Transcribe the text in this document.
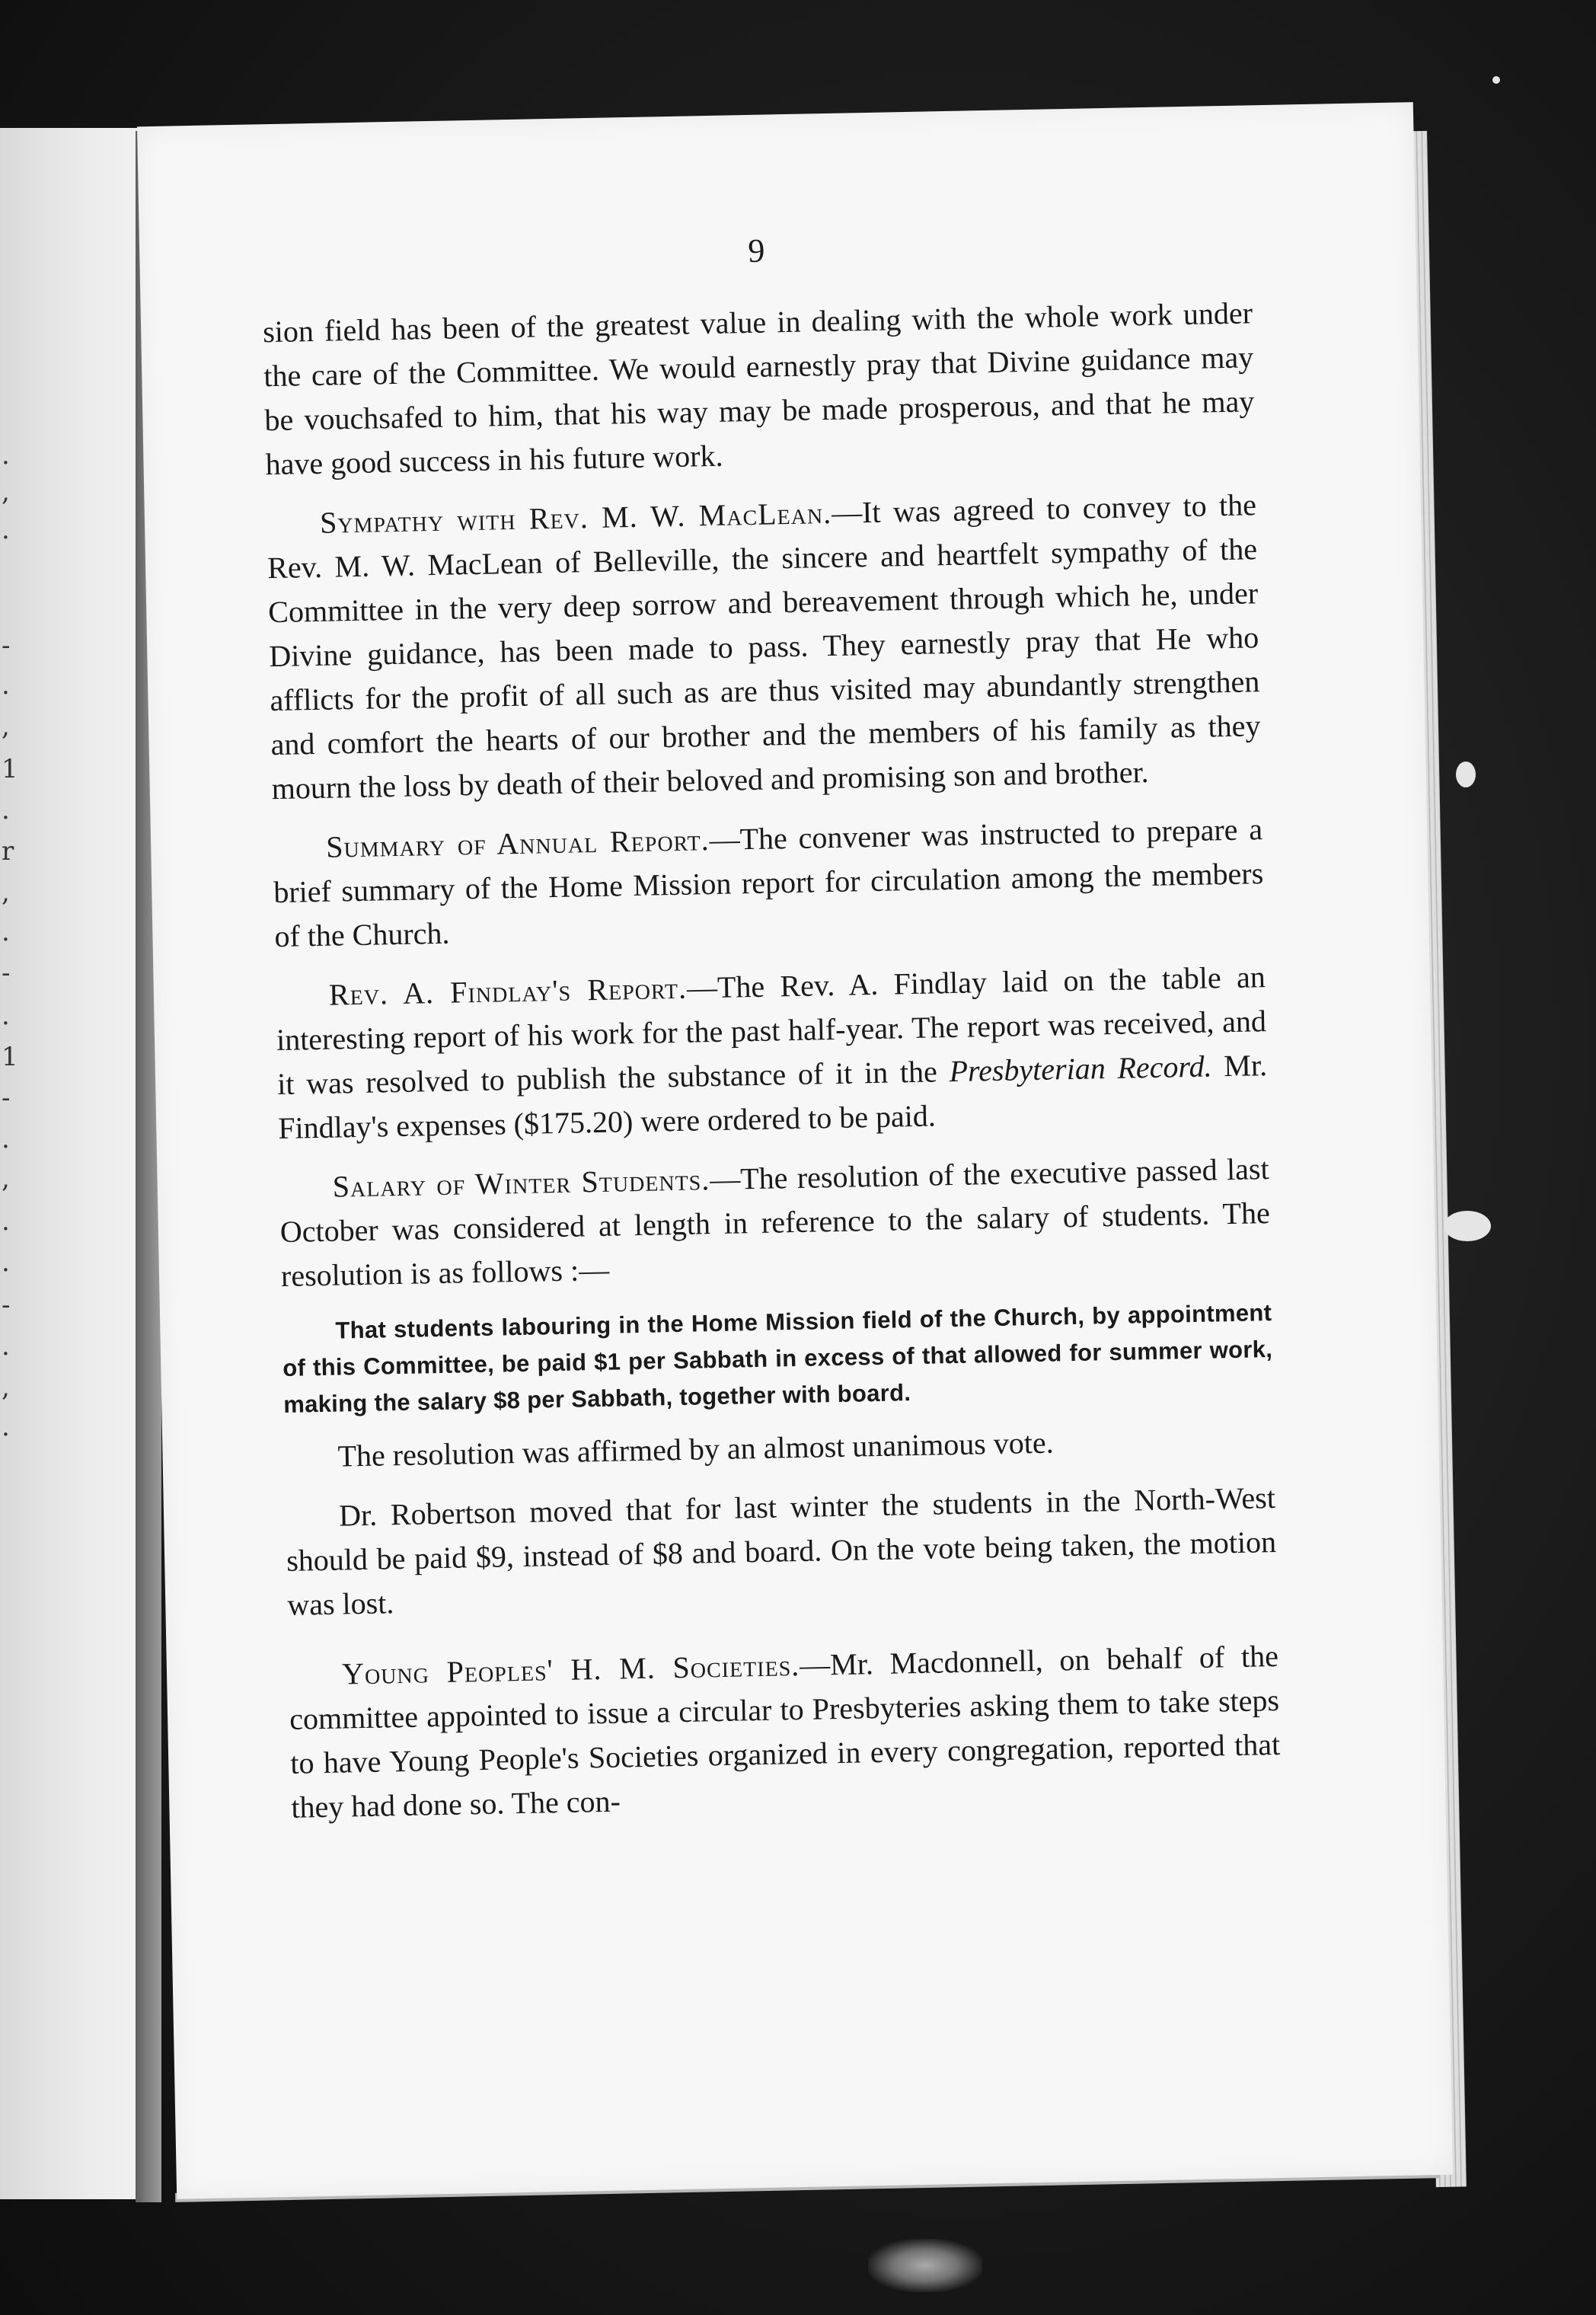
.
,
.
-
.
,
1
.
r
,
.
-
.
1
-
.
,
.
.
-
.
,
.
9

sion field has been of the greatest value in dealing with the whole work under the care of the Committee. We would earnestly pray that Divine guidance may be vouchsafed to him, that his way may be made prosperous, and that he may have good success in his future work.

Sympathy with Rev. M. W. MacLean.—It was agreed to convey to the Rev. M. W. MacLean of Belleville, the sincere and heartfelt sympathy of the Committee in the very deep sorrow and bereavement through which he, under Divine guidance, has been made to pass. They earnestly pray that He who afflicts for the profit of all such as are thus visited may abundantly strengthen and comfort the hearts of our brother and the members of his family as they mourn the loss by death of their beloved and promising son and brother.

Summary of Annual Report.—The convener was instructed to prepare a brief summary of the Home Mission report for circulation among the members of the Church.

Rev. A. Findlay's Report.—The Rev. A. Findlay laid on the table an interesting report of his work for the past half-year. The report was received, and it was resolved to publish the substance of it in the Presbyterian Record. Mr. Findlay's expenses ($175.20) were ordered to be paid.

Salary of Winter Students.—The resolution of the executive passed last October was considered at length in reference to the salary of students. The resolution is as follows :—

That students labouring in the Home Mission field of the Church, by appointment of this Committee, be paid $1 per Sabbath in excess of that allowed for summer work, making the salary $8 per Sabbath, together with board.

The resolution was affirmed by an almost unanimous vote.

Dr. Robertson moved that for last winter the students in the North-West should be paid $9, instead of $8 and board. On the vote being taken, the motion was lost.

Young Peoples' H. M. Societies.—Mr. Macdonnell, on behalf of the committee appointed to issue a circular to Presbyteries asking them to take steps to have Young People's Societies organized in every congregation, reported that they had done so. The con-
